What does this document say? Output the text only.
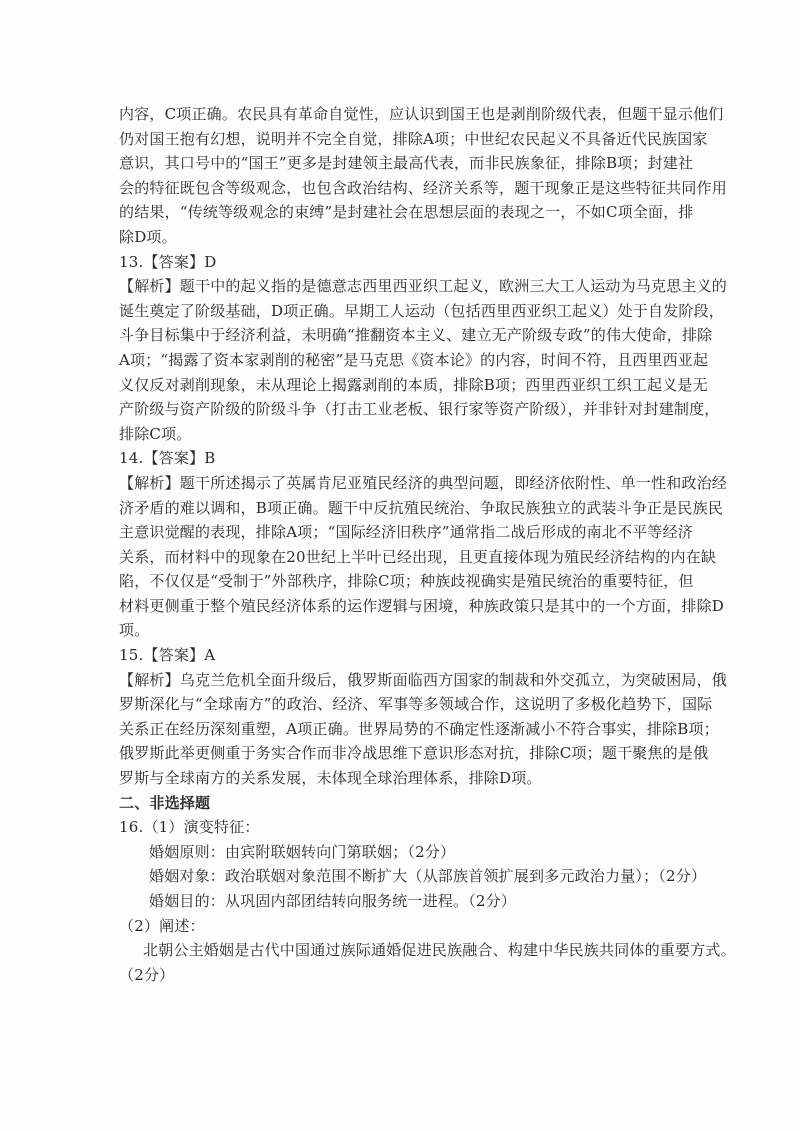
内容，C项正确。农民具有革命自觉性，应认识到国王也是剥削阶级代表，但题干显示他们
仍对国王抱有幻想，说明并不完全自觉，排除A项；中世纪农民起义不具备近代民族国家
意识，其口号中的“国王”更多是封建领主最高代表，而非民族象征，排除B项；封建社
会的特征既包含等级观念，也包含政治结构、经济关系等，题干现象正是这些特征共同作用
的结果，“传统等级观念的束缚”是封建社会在思想层面的表现之一，不如C项全面，排
除D项。
13.【答案】D
【解析】题干中的起义指的是德意志西里西亚织工起义，欧洲三大工人运动为马克思主义的
诞生奠定了阶级基础，D项正确。早期工人运动（包括西里西亚织工起义）处于自发阶段，
斗争目标集中于经济利益，未明确“推翻资本主义、建立无产阶级专政”的伟大使命，排除
A项；“揭露了资本家剥削的秘密”是马克思《资本论》的内容，时间不符，且西里西亚起
义仅反对剥削现象，未从理论上揭露剥削的本质，排除B项；西里西亚织工织工起义是无
产阶级与资产阶级的阶级斗争（打击工业老板、银行家等资产阶级），并非针对封建制度，
排除C项。
14.【答案】B
【解析】题干所述揭示了英属肯尼亚殖民经济的典型问题，即经济依附性、单一性和政治经
济矛盾的难以调和，B项正确。题干中反抗殖民统治、争取民族独立的武装斗争正是民族民
主意识觉醒的表现，排除A项；“国际经济旧秩序”通常指二战后形成的南北不平等经济
关系，而材料中的现象在20世纪上半叶已经出现，且更直接体现为殖民经济结构的内在缺
陷，不仅仅是“受制于”外部秩序，排除C项；种族歧视确实是殖民统治的重要特征，但
材料更侧重于整个殖民经济体系的运作逻辑与困境，种族政策只是其中的一个方面，排除D
项。
15.【答案】A
【解析】乌克兰危机全面升级后，俄罗斯面临西方国家的制裁和外交孤立，为突破困局，俄
罗斯深化与“全球南方”的政治、经济、军事等多领域合作，这说明了多极化趋势下，国际
关系正在经历深刻重塑，A项正确。世界局势的不确定性逐渐减小不符合事实，排除B项；
俄罗斯此举更侧重于务实合作而非冷战思维下意识形态对抗，排除C项；题干聚焦的是俄
罗斯与全球南方的关系发展，未体现全球治理体系，排除D项。
二、非选择题
16.（1）演变特征：
婚姻原则：由宾附联姻转向门第联姻；（2分）
婚姻对象：政治联姻对象范围不断扩大（从部族首领扩展到多元政治力量）；（2分）
婚姻目的：从巩固内部团结转向服务统一进程。（2分）
（2）阐述：
北朝公主婚姻是古代中国通过族际通婚促进民族融合、构建中华民族共同体的重要方式。
（2分）
